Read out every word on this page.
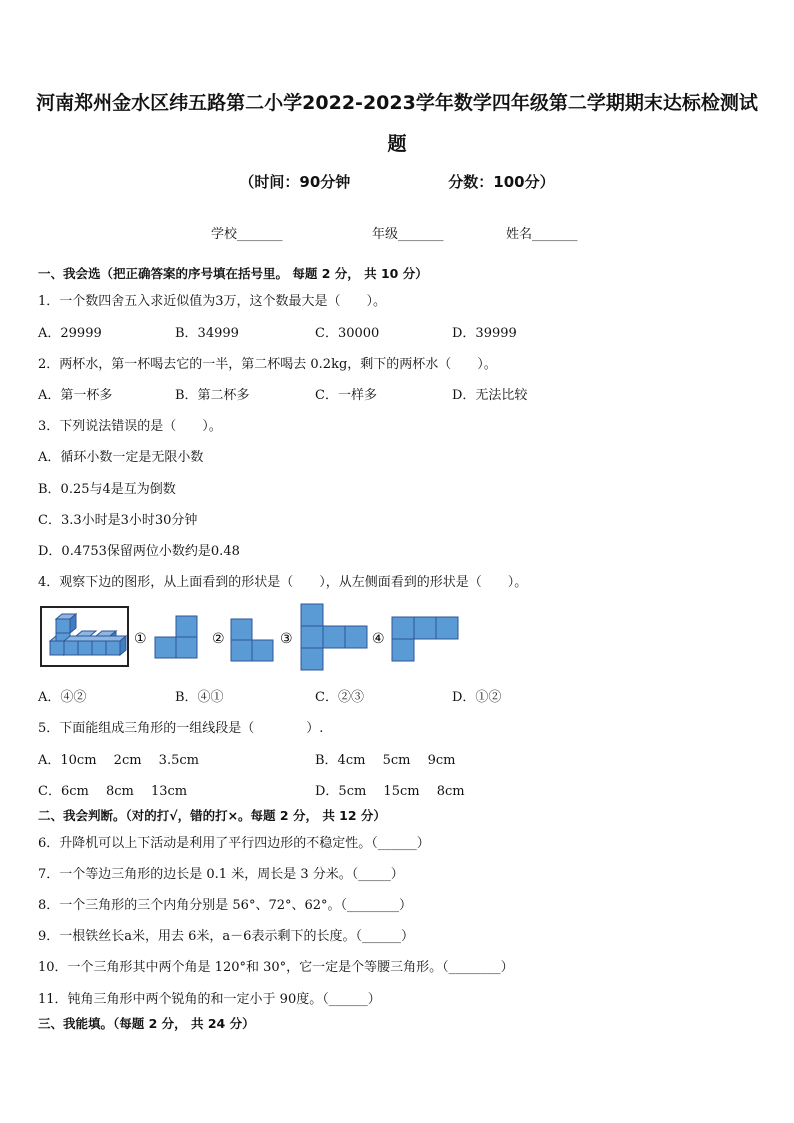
河南郑州金水区纬五路第二小学2022-2023学年数学四年级第二学期期末达标检测试
题
（时间：90分钟	分数：100分）
学校_______	年级_______	姓名_______
一、我会选（把正确答案的序号填在括号里。 每题 2 分， 共 10 分）
1．一个数四舍五入求近似值为3万，这个数最大是（　　）。
A．29999	B．34999	C．30000	D．39999
2．两杯水，第一杯喝去它的一半，第二杯喝去 0.2kg，剩下的两杯水（　　）。
A．第一杯多	B．第二杯多	C．一样多	D．无法比较
3．下列说法错误的是（　　）。
A．循环小数一定是无限小数
B．0.25与4是互为倒数
C．3.3小时是3小时30分钟
D．0.4753保留两位小数约是0.48
4．观察下边的图形，从上面看到的形状是（　　），从左侧面看到的形状是（　　）。
①	②	③	④
A．④②	B．④①	C．②③	D．①②
5．下面能组成三角形的一组线段是（　　　　）.
A．10cm　 2cm　 3.5cm	B．4cm　 5cm　 9cm
C．6cm　 8cm　 13cm	D．5cm　 15cm　 8cm
二、我会判断。（对的打√，错的打×。每题 2 分， 共 12 分）
6．升降机可以上下活动是利用了平行四边形的不稳定性。（______）
7．一个等边三角形的边长是 0.1 米，周长是 3 分米。（_____）
8．一个三角形的三个内角分别是 56°、72°、62°。（________）
9．一根铁丝长a米，用去 6米，a－6表示剩下的长度。（______）
10．一个三角形其中两个角是 120°和 30°，它一定是个等腰三角形。（________）
11．钝角三角形中两个锐角的和一定小于 90度。（______）
三、我能填。（每题 2 分， 共 24 分）
